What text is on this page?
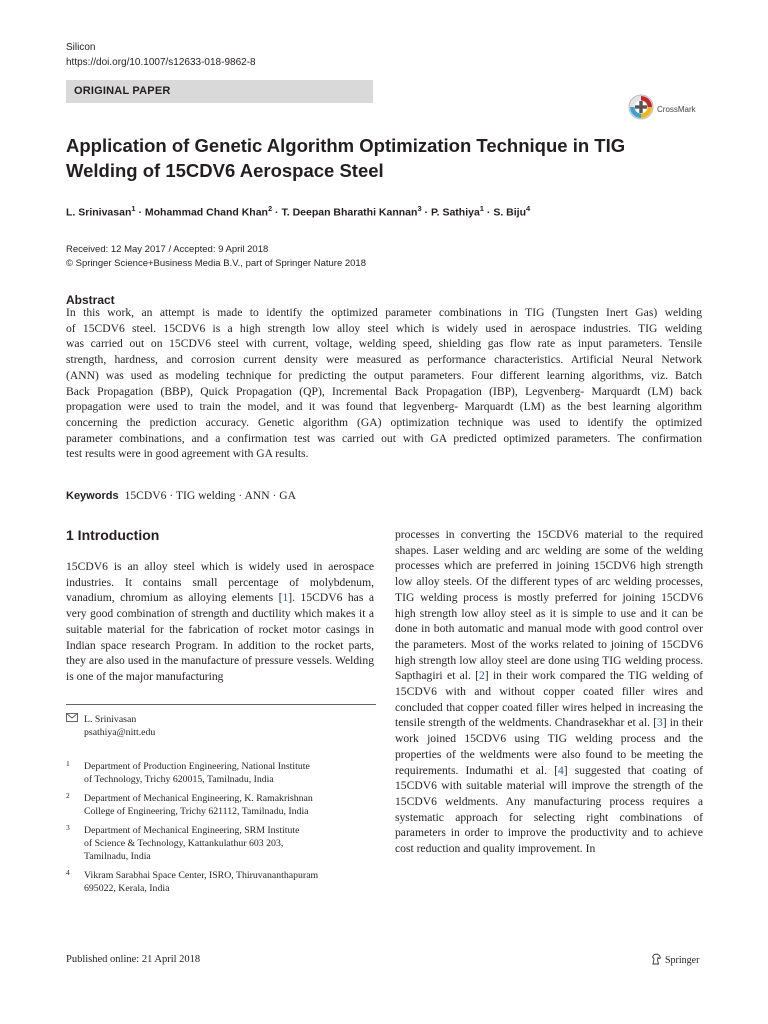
Silicon
https://doi.org/10.1007/s12633-018-9862-8
ORIGINAL PAPER
CrossMark
Application of Genetic Algorithm Optimization Technique in TIG
Welding of 15CDV6 Aerospace Steel
L. Srinivasan$^1$ · Mohammad Chand Khan$^2$ · T. Deepan Bharathi Kannan$^3$ · P. Sathiya$^1$ · S. Biju$^4$
Received: 12 May 2017 / Accepted: 9 April 2018
© Springer Science+Business Media B.V., part of Springer Nature 2018
Abstract
In this work, an attempt is made to identify the optimized parameter combinations in TIG (Tungsten Inert Gas) welding
of 15CDV6 steel. 15CDV6 is a high strength low alloy steel which is widely used in aerospace industries. TIG welding
was carried out on 15CDV6 steel with current, voltage, welding speed, shielding gas flow rate as input parameters. Tensile
strength, hardness, and corrosion current density were measured as performance characteristics. Artificial Neural Network
(ANN) was used as modeling technique for predicting the output parameters. Four different learning algorithms, viz. Batch
Back Propagation (BBP), Quick Propagation (QP), Incremental Back Propagation (IBP), Legvenberg- Marquardt (LM) back
propagation were used to train the model, and it was found that legvenberg- Marquardt (LM) as the best learning algorithm
concerning the prediction accuracy. Genetic algorithm (GA) optimization technique was used to identify the optimized
parameter combinations, and a confirmation test was carried out with GA predicted optimized parameters. The confirmation
test results were in good agreement with GA results.
Keywords 15CDV6 · TIG welding · ANN · GA
1 Introduction
15CDV6 is an alloy steel which is widely used in aerospace industries. It contains small percentage of molybdenum, vanadium, chromium as alloying elements [1]. 15CDV6 has a very good combination of strength and ductility which makes it a suitable material for the fabrication of rocket motor casings in Indian space research Program. In addition to the rocket parts, they are also used in the manufacture of pressure vessels. Welding is one of the major manufacturing
processes in converting the 15CDV6 material to the required shapes. Laser welding and arc welding are some of the welding processes which are preferred in joining 15CDV6 high strength low alloy steels. Of the different types of arc welding processes, TIG welding process is mostly preferred for joining 15CDV6 high strength low alloy steel as it is simple to use and it can be done in both automatic and manual mode with good control over the parameters. Most of the works related to joining of 15CDV6 high strength low alloy steel are done using TIG welding process. Sapthagiri et al. [2] in their work compared the TIG welding of 15CDV6 with and without copper coated filler wires and concluded that copper coated filler wires helped in increasing the tensile strength of the weldments. Chandrasekhar et al. [3] in their work joined 15CDV6 using TIG welding process and the properties of the weldments were also found to be meeting the requirements. Indumathi et al. [4] suggested that coating of 15CDV6 with suitable material will improve the strength of the 15CDV6 weldments. Any manufacturing process requires a systematic approach for selecting right combinations of parameters in order to improve the productivity and to achieve cost reduction and quality improvement. In
L. Srinivasan
psathiya@nitt.edu
1 Department of Production Engineering, National Institute
of Technology, Trichy 620015, Tamilnadu, India
2 Department of Mechanical Engineering, K. Ramakrishnan
College of Engineering, Trichy 621112, Tamilnadu, India
3 Department of Mechanical Engineering, SRM Institute
of Science & Technology, Kattankulathur 603 203,
Tamilnadu, India
4 Vikram Sarabhai Space Center, ISRO, Thiruvananthapuram
695022, Kerala, India
Published online: 21 April 2018	Springer
